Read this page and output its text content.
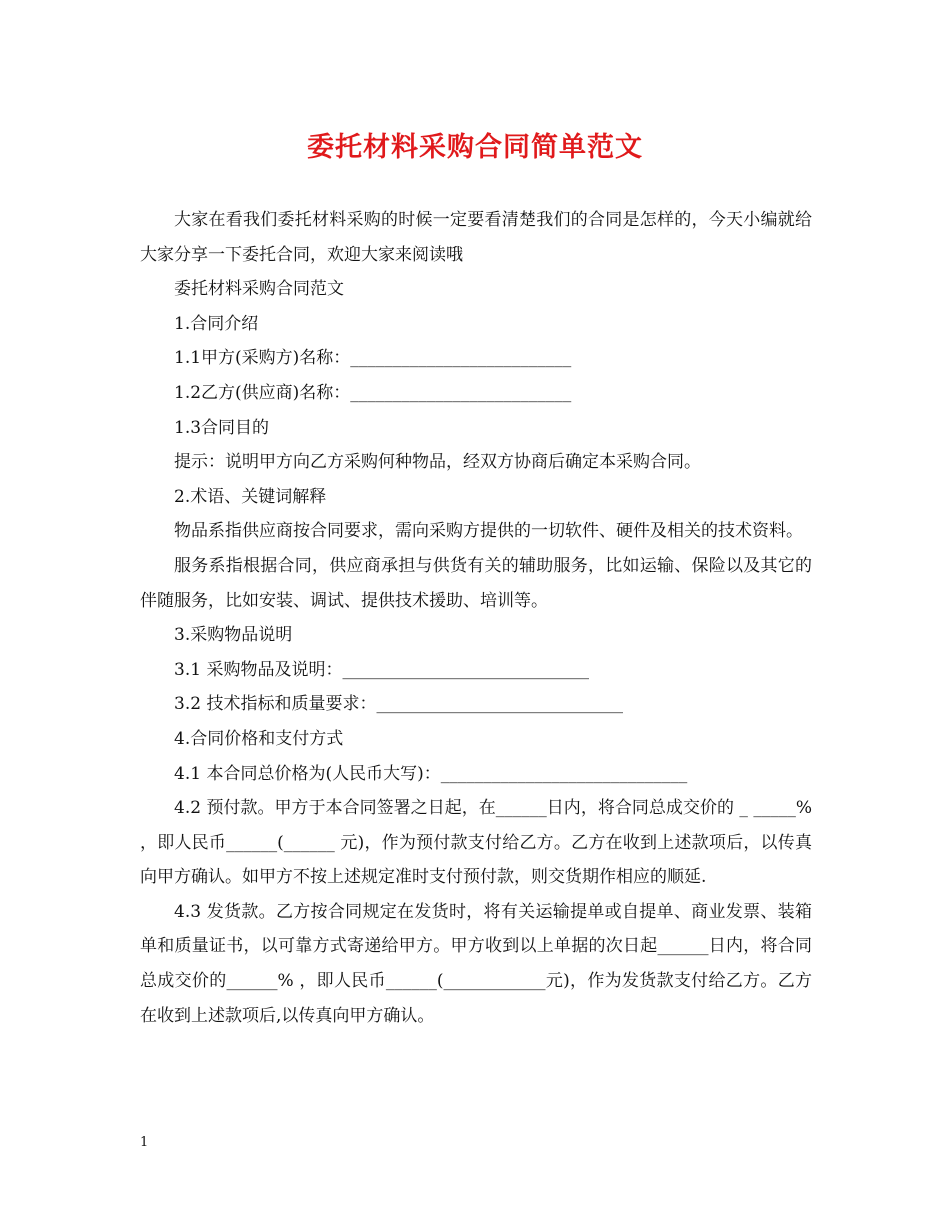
委托材料采购合同简单范文

大家在看我们委托材料采购的时候一定要看清楚我们的合同是怎样的，今天小编就给大家分享一下委托合同，欢迎大家来阅读哦

委托材料采购合同范文

1.合同介绍

1.1甲方(采购方)名称：__________________________

1.2乙方(供应商)名称：__________________________

1.3合同目的

提示：说明甲方向乙方采购何种物品，经双方协商后确定本采购合同。

2.术语、关键词解释

物品系指供应商按合同要求，需向采购方提供的一切软件、硬件及相关的技术资料。

服务系指根据合同，供应商承担与供货有关的辅助服务，比如运输、保险以及其它的伴随服务，比如安装、调试、提供技术援助、培训等。

3.采购物品说明

3.1 采购物品及说明：_____________________________

3.2 技术指标和质量要求：_____________________________

4.合同价格和支付方式

4.1 本合同总价格为(人民币大写)：_____________________________

4.2 预付款。甲方于本合同签署之日起，在______日内，将合同总成交价的 _ _____% ，即人民币______(______ 元)，作为预付款支付给乙方。乙方在收到上述款项后，以传真向甲方确认。如甲方不按上述规定准时支付预付款，则交货期作相应的顺延.

4.3 发货款。乙方按合同规定在发货时，将有关运输提单或自提单、商业发票、装箱单和质量证书，以可靠方式寄递给甲方。甲方收到以上单据的次日起______日内，将合同总成交价的______% ，即人民币______(____________元)，作为发货款支付给乙方。乙方在收到上述款项后,以传真向甲方确认。

1
